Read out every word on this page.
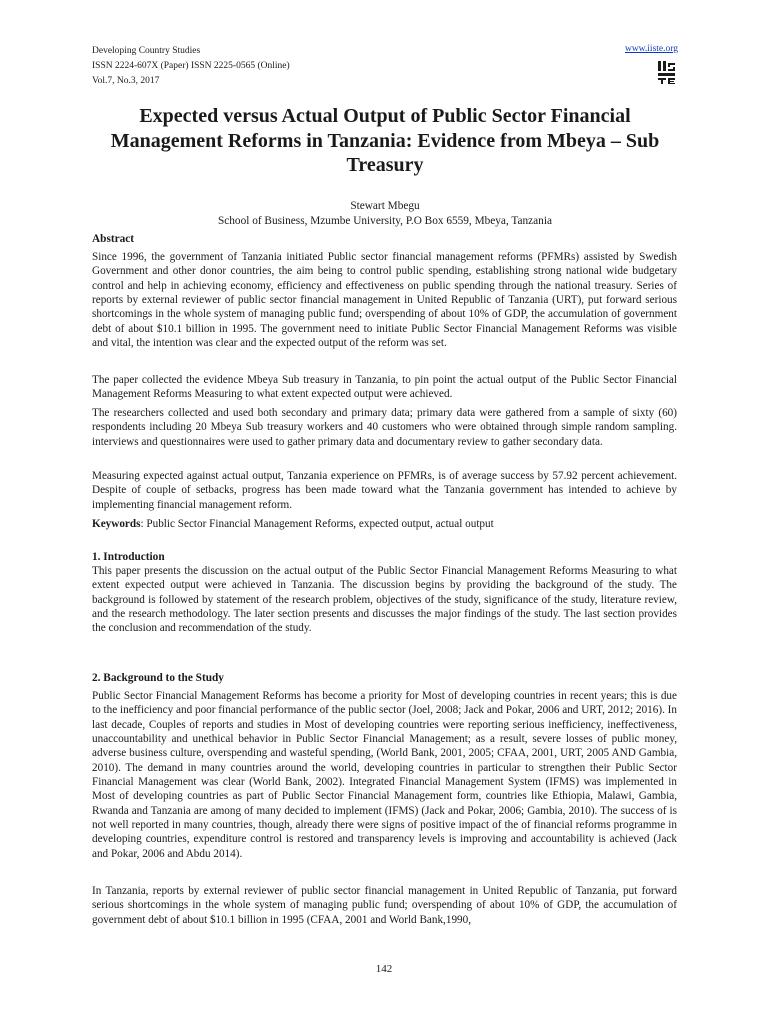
Developing Country Studies

ISSN 2224-607X (Paper) ISSN 2225-0565 (Online)

Vol.7, No.3, 2017

www.iiste.org
Expected versus Actual Output of Public Sector Financial Management Reforms in Tanzania: Evidence from Mbeya – Sub Treasury

Stewart Mbegu

School of Business, Mzumbe University, P.O Box 6559, Mbeya, Tanzania

Abstract

Since 1996, the government of Tanzania initiated Public sector financial management reforms (PFMRs) assisted by Swedish Government and other donor countries, the aim being to control public spending, establishing strong national wide budgetary control and help in achieving economy, efficiency and effectiveness on public spending through the national treasury. Series of reports by external reviewer of public sector financial management in United Republic of Tanzania (URT), put forward serious shortcomings in the whole system of managing public fund; overspending of about 10% of GDP, the accumulation of government debt of about $10.1 billion in 1995. The government need to initiate Public Sector Financial Management Reforms was visible and vital, the intention was clear and the expected output of the reform was set.

The paper collected the evidence Mbeya Sub treasury in Tanzania, to pin point the actual output of the Public Sector Financial Management Reforms Measuring to what extent expected output were achieved.

The researchers collected and used both secondary and primary data; primary data were gathered from a sample of sixty (60) respondents including 20 Mbeya Sub treasury workers and 40 customers who were obtained through simple random sampling. interviews and questionnaires were used to gather primary data and documentary review to gather secondary data.

Measuring expected against actual output, Tanzania experience on PFMRs, is of average success by 57.92 percent achievement. Despite of couple of setbacks, progress has been made toward what the Tanzania government has intended to achieve by implementing financial management reform.

Keywords: Public Sector Financial Management Reforms, expected output, actual output

1. Introduction

This paper presents the discussion on the actual output of the Public Sector Financial Management Reforms Measuring to what extent expected output were achieved in Tanzania. The discussion begins by providing the background of the study. The background is followed by statement of the research problem, objectives of the study, significance of the study, literature review, and the research methodology. The later section presents and discusses the major findings of the study. The last section provides the conclusion and recommendation of the study.

2. Background to the Study

Public Sector Financial Management Reforms has become a priority for Most of developing countries in recent years; this is due to the inefficiency and poor financial performance of the public sector (Joel, 2008; Jack and Pokar, 2006 and URT, 2012; 2016). In last decade, Couples of reports and studies in Most of developing countries were reporting serious inefficiency, ineffectiveness, unaccountability and unethical behavior in Public Sector Financial Management; as a result, severe losses of public money, adverse business culture, overspending and wasteful spending, (World Bank, 2001, 2005; CFAA, 2001, URT, 2005 AND Gambia, 2010). The demand in many countries around the world, developing countries in particular to strengthen their Public Sector Financial Management was clear (World Bank, 2002). Integrated Financial Management System (IFMS) was implemented in Most of developing countries as part of Public Sector Financial Management form, countries like Ethiopia, Malawi, Gambia, Rwanda and Tanzania are among of many decided to implement (IFMS) (Jack and Pokar, 2006; Gambia, 2010). The success of is not well reported in many countries, though, already there were signs of positive impact of the of financial reforms programme in developing countries, expenditure control is restored and transparency levels is improving and accountability is achieved (Jack and Pokar, 2006 and Abdu 2014).

In Tanzania, reports by external reviewer of public sector financial management in United Republic of Tanzania, put forward serious shortcomings in the whole system of managing public fund; overspending of about 10% of GDP, the accumulation of government debt of about $10.1 billion in 1995 (CFAA, 2001 and World Bank,1990,

142
